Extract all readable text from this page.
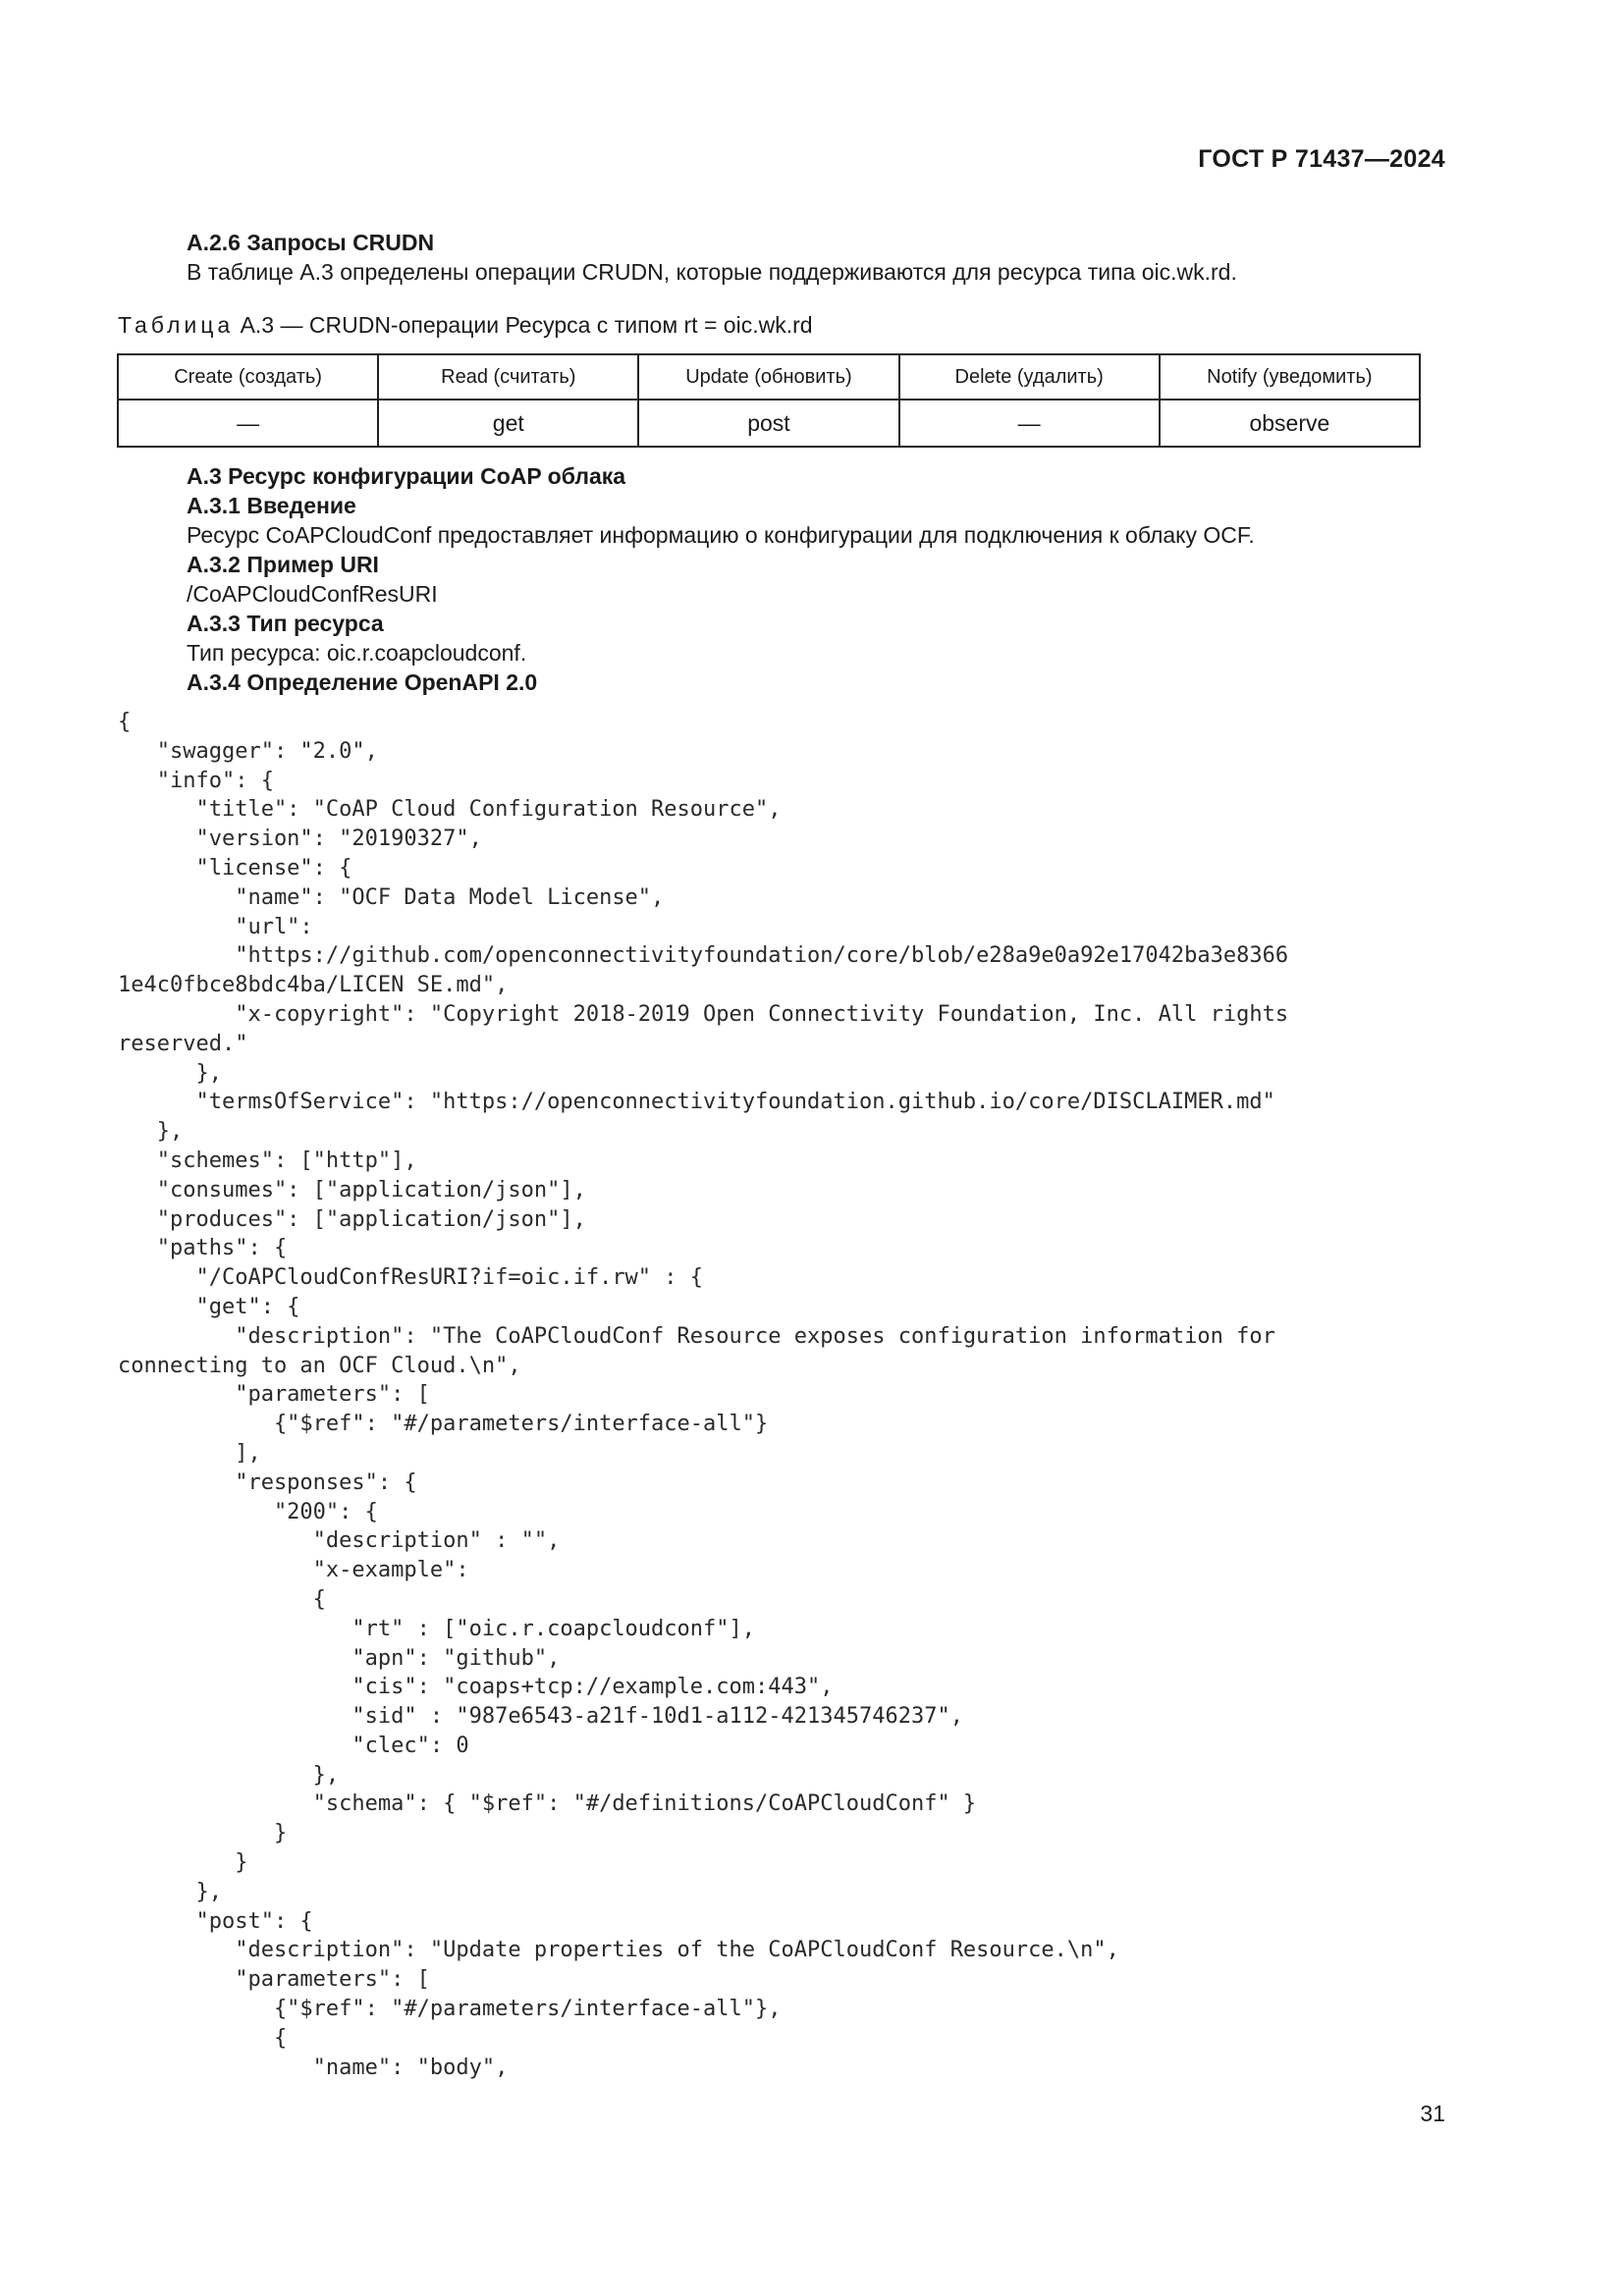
ГОСТ Р 71437—2024
А.2.6 Запросы CRUDN
В таблице А.3 определены операции CRUDN, которые поддерживаются для ресурса типа oic.wk.rd.
Таблица А.3 — CRUDN-операции Ресурса с типом rt = oic.wk.rd
Create (создать)	Read (считать)	Update (обновить)	Delete (удалить)	Notify (уведомить)
—	get	post	—	observe
А.3 Ресурс конфигурации CoAP облака
А.3.1 Введение
Ресурс CoAPCloudConf предоставляет информацию о конфигурации для подключения к облаку OCF.
А.3.2 Пример URI
/CoAPCloudConfResURI
А.3.3 Тип ресурса
Тип ресурса: oic.r.coapcloudconf.
А.3.4 Определение OpenAPI 2.0
{
"swagger": "2.0",
"info": {
"title": "CoAP Cloud Configuration Resource",
"version": "20190327",
"license": {
"name": "OCF Data Model License",
"url":
"https://github.com/openconnectivityfoundation/core/blob/e28a9e0a92e17042ba3e8366
1e4c0fbce8bdc4ba/LICEN SE.md",
"x-copyright": "Copyright 2018-2019 Open Connectivity Foundation, Inc. All rights
reserved."
},
"termsOfService": "https://openconnectivityfoundation.github.io/core/DISCLAIMER.md"
},
"schemes": ["http"],
"consumes": ["application/json"],
"produces": ["application/json"],
"paths": {
"/CoAPCloudConfResURI?if=oic.if.rw" : {
"get": {
"description": "The CoAPCloudConf Resource exposes configuration information for
connecting to an OCF Cloud.\n",
"parameters": [
{"$ref": "#/parameters/interface-all"}
],
"responses": {
"200": {
"description" : "",
"x-example":
{
"rt" : ["oic.r.coapcloudconf"],
"apn": "github",
"cis": "coaps+tcp://example.com:443",
"sid" : "987e6543-a21f-10d1-a112-421345746237",
"clec": 0
},
"schema": { "$ref": "#/definitions/CoAPCloudConf" }
}
}
},
"post": {
"description": "Update properties of the CoAPCloudConf Resource.\n",
"parameters": [
{"$ref": "#/parameters/interface-all"},
{
"name": "body",
31
